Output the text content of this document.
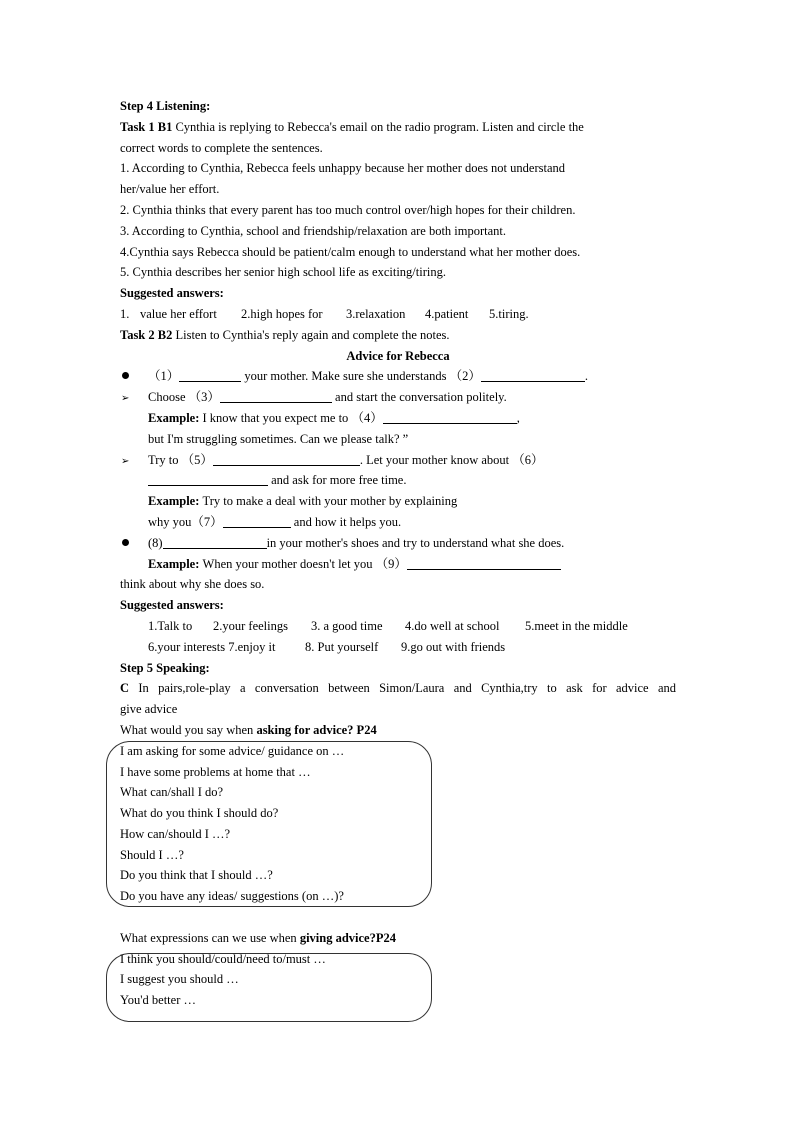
Step 4 Listening:
Task 1 B1 Cynthia is replying to Rebecca's email on the radio program. Listen and circle the
correct words to complete the sentences.
1. According to Cynthia, Rebecca feels unhappy because her mother does not understand
her/value her effort.
2. Cynthia thinks that every parent has too much control over/high hopes for their children.
3. According to Cynthia, school and friendship/relaxation are both important.
4.Cynthia says Rebecca should be patient/calm enough to understand what her mother does.
5. Cynthia describes her senior high school life as exciting/tiring.
Suggested answers:
1. value her effort 2.high hopes for 3.relaxation 4.patient 5.tiring.
Task 2 B2 Listen to Cynthia's reply again and complete the notes.
Advice for Rebecca
（1）	your mother. Make sure she understands （2）	.
➢ Choose （3）	and start the conversation politely.
Example: I know that you expect me to （4）	,
but I'm struggling sometimes. Can we please talk? ”
➢ Try to （5）	. Let your mother know about （6）
and ask for more free time.
Example: Try to make a deal with your mother by explaining
why you（7）	and how it helps you.
(8)	in your mother's shoes and try to understand what she does.
Example: When your mother doesn't let you （9）
think about why she does so.
Suggested answers:
1.Talk to 2.your feelings 3. a good time 4.do well at school 5.meet in the middle
6.your interests 7.enjoy it 8. Put yourself 9.go out with friends
Step 5 Speaking:
C In pairs,role-play a conversation between Simon/Laura and Cynthia,try to ask for advice and
give advice
What would you say when asking for advice? P24
I am asking for some advice/ guidance on …
I have some problems at home that …
What can/shall I do?
What do you think I should do?
How can/should I …?
Should I …?
Do you think that I should …?
Do you have any ideas/ suggestions (on …)?
What expressions can we use when giving advice?P24
I think you should/could/need to/must …
I suggest you should …
You'd better …
